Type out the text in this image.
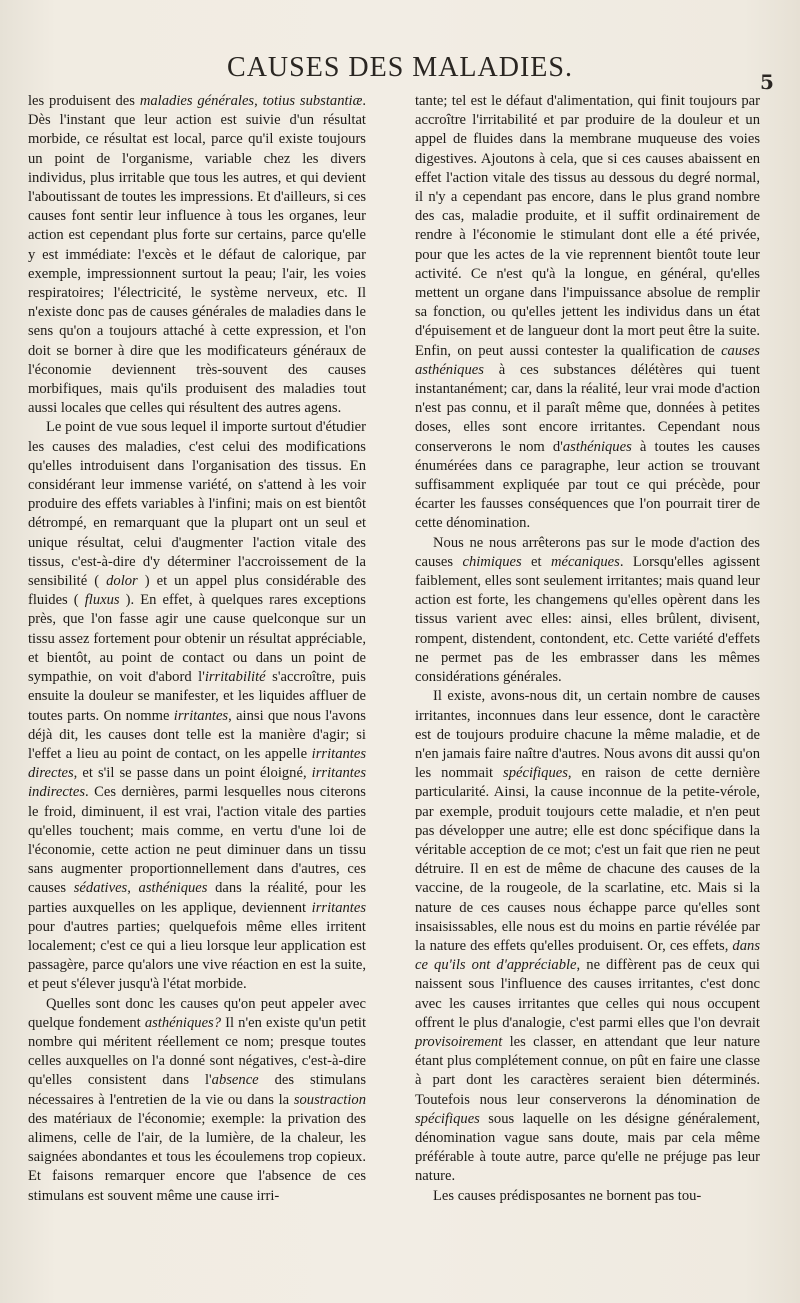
CAUSES DES MALADIES.	5

les produisent des maladies générales, totius substantiæ. Dès l'instant que leur action est suivie d'un résultat morbide, ce résultat est local, parce qu'il existe toujours un point de l'organisme, variable chez les divers individus, plus irritable que tous les autres, et qui devient l'aboutissant de toutes les impressions. Et d'ailleurs, si ces causes font sentir leur influence à tous les organes, leur action est cependant plus forte sur certains, parce qu'elle y est immédiate: l'excès et le défaut de calorique, par exemple, impressionnent surtout la peau; l'air, les voies respiratoires; l'électricité, le système nerveux, etc. Il n'existe donc pas de causes générales de maladies dans le sens qu'on a toujours attaché à cette expression, et l'on doit se borner à dire que les modificateurs généraux de l'économie deviennent très-souvent des causes morbifiques, mais qu'ils produisent des maladies tout aussi locales que celles qui résultent des autres agens.

Le point de vue sous lequel il importe surtout d'étudier les causes des maladies, c'est celui des modifications qu'elles introduisent dans l'organisation des tissus. En considérant leur immense variété, on s'attend à les voir produire des effets variables à l'infini; mais on est bientôt détrompé, en remarquant que la plupart ont un seul et unique résultat, celui d'augmenter l'action vitale des tissus, c'est-à-dire d'y déterminer l'accroissement de la sensibilité ( dolor ) et un appel plus considérable des fluides ( fluxus ). En effet, à quelques rares exceptions près, que l'on fasse agir une cause quelconque sur un tissu assez fortement pour obtenir un résultat appréciable, et bientôt, au point de contact ou dans un point de sympathie, on voit d'abord l'irritabilité s'accroître, puis ensuite la douleur se manifester, et les liquides affluer de toutes parts. On nomme irritantes, ainsi que nous l'avons déjà dit, les causes dont telle est la manière d'agir; si l'effet a lieu au point de contact, on les appelle irritantes directes, et s'il se passe dans un point éloigné, irritantes indirectes. Ces dernières, parmi lesquelles nous citerons le froid, diminuent, il est vrai, l'action vitale des parties qu'elles touchent; mais comme, en vertu d'une loi de l'économie, cette action ne peut diminuer dans un tissu sans augmenter proportionnellement dans d'autres, ces causes sédatives, asthéniques dans la réalité, pour les parties auxquelles on les applique, deviennent irritantes pour d'autres parties; quelquefois même elles irritent localement; c'est ce qui a lieu lorsque leur application est passagère, parce qu'alors une vive réaction en est la suite, et peut s'élever jusqu'à l'état morbide.

Quelles sont donc les causes qu'on peut appeler avec quelque fondement asthéniques? Il n'en existe qu'un petit nombre qui méritent réellement ce nom; presque toutes celles auxquelles on l'a donné sont négatives, c'est-à-dire qu'elles consistent dans l'absence des stimulans nécessaires à l'entretien de la vie ou dans la soustraction des matériaux de l'économie; exemple: la privation des alimens, celle de l'air, de la lumière, de la chaleur, les saignées abondantes et tous les écoulemens trop copieux. Et faisons remarquer encore que l'absence de ces stimulans est souvent même une cause irri-

tante; tel est le défaut d'alimentation, qui finit toujours par accroître l'irritabilité et par produire de la douleur et un appel de fluides dans la membrane muqueuse des voies digestives. Ajoutons à cela, que si ces causes abaissent en effet l'action vitale des tissus au dessous du degré normal, il n'y a cependant pas encore, dans le plus grand nombre des cas, maladie produite, et il suffit ordinairement de rendre à l'économie le stimulant dont elle a été privée, pour que les actes de la vie reprennent bientôt toute leur activité. Ce n'est qu'à la longue, en général, qu'elles mettent un organe dans l'impuissance absolue de remplir sa fonction, ou qu'elles jettent les individus dans un état d'épuisement et de langueur dont la mort peut être la suite. Enfin, on peut aussi contester la qualification de causes asthéniques à ces substances délétères qui tuent instantanément; car, dans la réalité, leur vrai mode d'action n'est pas connu, et il paraît même que, données à petites doses, elles sont encore irritantes. Cependant nous conserverons le nom d'asthéniques à toutes les causes énumérées dans ce paragraphe, leur action se trouvant suffisamment expliquée par tout ce qui précède, pour écarter les fausses conséquences que l'on pourrait tirer de cette dénomination.

Nous ne nous arrêterons pas sur le mode d'action des causes chimiques et mécaniques. Lorsqu'elles agissent faiblement, elles sont seulement irritantes; mais quand leur action est forte, les changemens qu'elles opèrent dans les tissus varient avec elles: ainsi, elles brûlent, divisent, rompent, distendent, contondent, etc. Cette variété d'effets ne permet pas de les embrasser dans les mêmes considérations générales.

Il existe, avons-nous dit, un certain nombre de causes irritantes, inconnues dans leur essence, dont le caractère est de toujours produire chacune la même maladie, et de n'en jamais faire naître d'autres. Nous avons dit aussi qu'on les nommait spécifiques, en raison de cette dernière particularité. Ainsi, la cause inconnue de la petite-vérole, par exemple, produit toujours cette maladie, et n'en peut pas développer une autre; elle est donc spécifique dans la véritable acception de ce mot; c'est un fait que rien ne peut détruire. Il en est de même de chacune des causes de la vaccine, de la rougeole, de la scarlatine, etc. Mais si la nature de ces causes nous échappe parce qu'elles sont insaisissables, elle nous est du moins en partie révélée par la nature des effets qu'elles produisent. Or, ces effets, dans ce qu'ils ont d'appréciable, ne diffèrent pas de ceux qui naissent sous l'influence des causes irritantes, c'est donc avec les causes irritantes que celles qui nous occupent offrent le plus d'analogie, c'est parmi elles que l'on devrait provisoirement les classer, en attendant que leur nature étant plus complétement connue, on pût en faire une classe à part dont les caractères seraient bien déterminés. Toutefois nous leur conserverons la dénomination de spécifiques sous laquelle on les désigne généralement, dénomination vague sans doute, mais par cela même préférable à toute autre, parce qu'elle ne préjuge pas leur nature.

Les causes prédisposantes ne bornent pas tou-
